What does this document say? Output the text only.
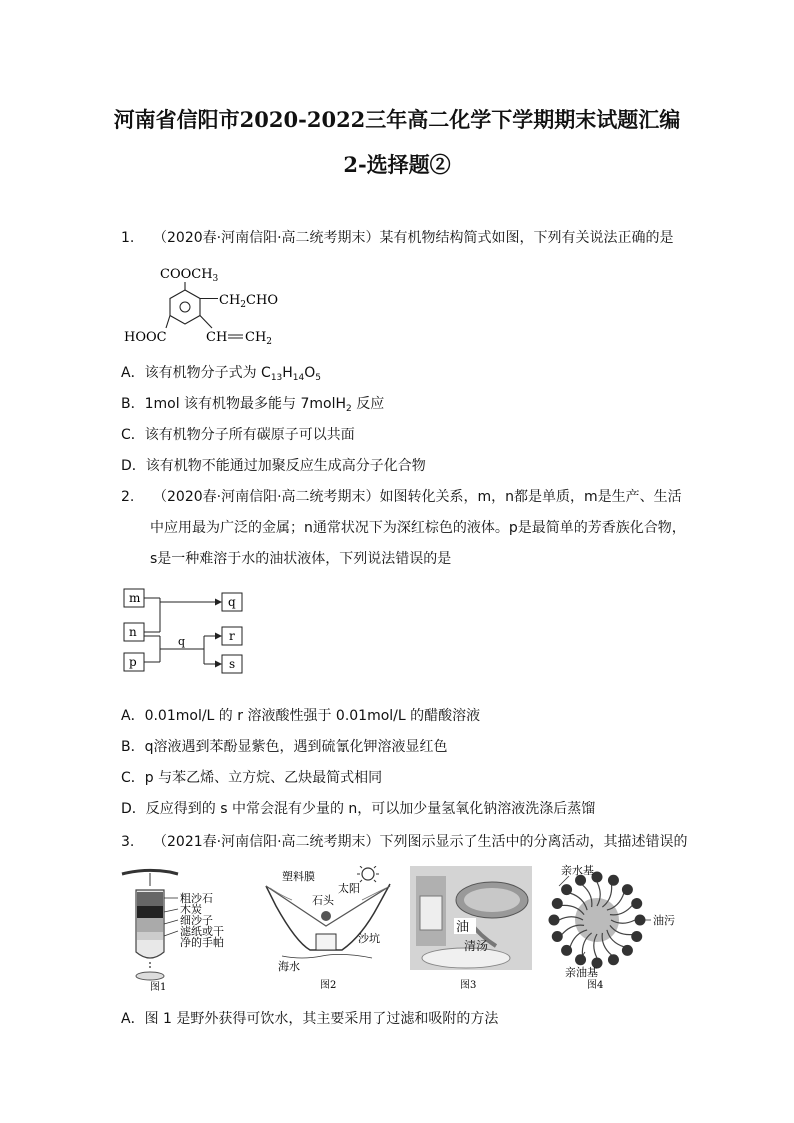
河南省信阳市2020-2022三年高二化学下学期期末试题汇编
2-选择题②
1. （2020春·河南信阳·高二统考期末）某有机物结构简式如图，下列有关说法正确的是
$COOCH_3$
$CH_2CHO$
HOOC	CH $CH_2$
A．该有机物分子式为 $C_{13}H_{14}O_5$
B．1mol 该有机物最多能与 7molH$_2$ 反应
C．该有机物分子所有碳原子可以共面
D．该有机物不能通过加聚反应生成高分子化合物
2. （2020春·河南信阳·高二统考期末）如图转化关系，m，n都是单质，m是生产、生活
中应用最为广泛的金属；n通常状况下为深红棕色的液体。p是最简单的芳香族化合物，
s是一种难溶于水的油状液体，下列说法错误的是
m	q
n	r
p	s
q
A．0.01mol/L 的 r 溶液酸性强于 0.01mol/L 的醋酸溶液
B．q溶液遇到苯酚显紫色，遇到硫氰化钾溶液显红色
C．p 与苯乙烯、立方烷、乙炔最简式相同
D．反应得到的 s 中常会混有少量的 n，可以加少量氢氧化钠溶液洗涤后蒸馏
3. （2021春·河南信阳·高二统考期末）下列图示显示了生活中的分离活动，其描述错误的
粗沙石
木炭
细沙子
滤纸或干
净的手帕
图1
塑料膜
太阳
石头
沙坑
海水
图2
油
清汤
图3
油污
亲水基
亲油基
图4
A．图 1 是野外获得可饮水，其主要采用了过滤和吸附的方法
